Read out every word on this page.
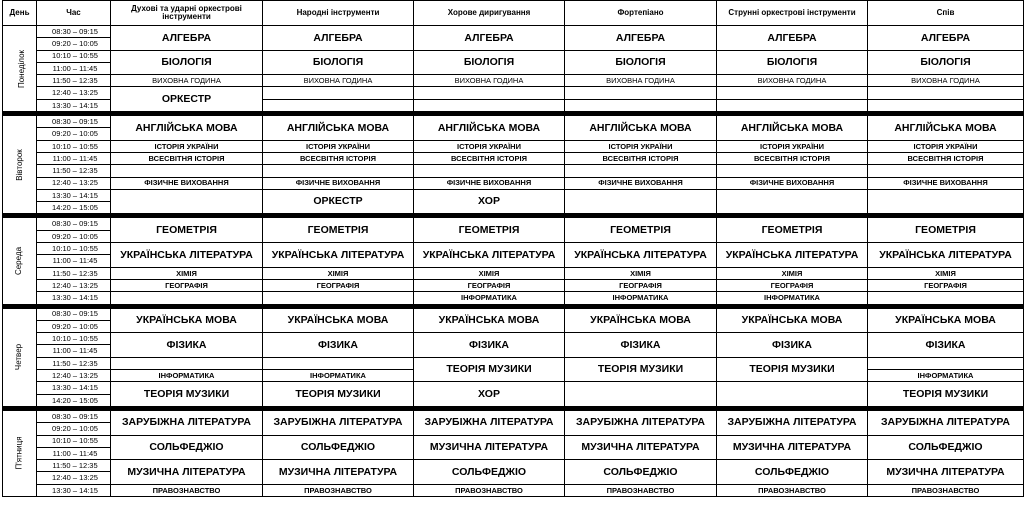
День	Час	Духові та ударні оркестрові інструменти	Народні інструменти	Хорове диригування	Фортепіано	Струнні оркестрові інструменти	Спів
Понеділок	08:30 – 09:15	АЛГЕБРА	АЛГЕБРА	АЛГЕБРА	АЛГЕБРА	АЛГЕБРА	АЛГЕБРА
	09:20 – 10:05						
	10:10 – 10:55	БІОЛОГІЯ	БІОЛОГІЯ	БІОЛОГІЯ	БІОЛОГІЯ	БІОЛОГІЯ	БІОЛОГІЯ
	11:00 – 11:45						
	11:50 – 12:35	ВИХОВНА ГОДИНА	ВИХОВНА ГОДИНА	ВИХОВНА ГОДИНА	ВИХОВНА ГОДИНА	ВИХОВНА ГОДИНА	ВИХОВНА ГОДИНА
	12:40 – 13:25	ОРКЕСТР					
	13:30 – 14:15						

Вівторок	08:30 – 09:15	АНГЛІЙСЬКА МОВА	АНГЛІЙСЬКА МОВА	АНГЛІЙСЬКА МОВА	АНГЛІЙСЬКА МОВА	АНГЛІЙСЬКА МОВА	АНГЛІЙСЬКА МОВА
	09:20 – 10:05						
	10:10 – 10:55	ІСТОРІЯ УКРАЇНИ	ІСТОРІЯ УКРАЇНИ	ІСТОРІЯ УКРАЇНИ	ІСТОРІЯ УКРАЇНИ	ІСТОРІЯ УКРАЇНИ	ІСТОРІЯ УКРАЇНИ
	11:00 – 11:45	ВСЕСВІТНЯ ІСТОРІЯ	ВСЕСВІТНЯ ІСТОРІЯ	ВСЕСВІТНЯ ІСТОРІЯ	ВСЕСВІТНЯ ІСТОРІЯ	ВСЕСВІТНЯ ІСТОРІЯ	ВСЕСВІТНЯ ІСТОРІЯ
	11:50 – 12:35						
	12:40 – 13:25	ФІЗИЧНЕ ВИХОВАННЯ	ФІЗИЧНЕ ВИХОВАННЯ	ФІЗИЧНЕ ВИХОВАННЯ	ФІЗИЧНЕ ВИХОВАННЯ	ФІЗИЧНЕ ВИХОВАННЯ	ФІЗИЧНЕ ВИХОВАННЯ
	13:30 – 14:15		ОРКЕСТР	ХОР			
	14:20 – 15:05						

Середа	08:30 – 09:15	ГЕОМЕТРІЯ	ГЕОМЕТРІЯ	ГЕОМЕТРІЯ	ГЕОМЕТРІЯ	ГЕОМЕТРІЯ	ГЕОМЕТРІЯ
	09:20 – 10:05						
	10:10 – 10:55	УКРАЇНСЬКА ЛІТЕРАТУРА	УКРАЇНСЬКА ЛІТЕРАТУРА	УКРАЇНСЬКА ЛІТЕРАТУРА	УКРАЇНСЬКА ЛІТЕРАТУРА	УКРАЇНСЬКА ЛІТЕРАТУРА	УКРАЇНСЬКА ЛІТЕРАТУРА
	11:00 – 11:45						
	11:50 – 12:35	ХІМІЯ	ХІМІЯ	ХІМІЯ	ХІМІЯ	ХІМІЯ	ХІМІЯ
	12:40 – 13:25	ГЕОГРАФІЯ	ГЕОГРАФІЯ	ГЕОГРАФІЯ	ГЕОГРАФІЯ	ГЕОГРАФІЯ	ГЕОГРАФІЯ
	13:30 – 14:15			ІНФОРМАТИКА	ІНФОРМАТИКА	ІНФОРМАТИКА	

Четвер	08:30 – 09:15	УКРАЇНСЬКА МОВА	УКРАЇНСЬКА МОВА	УКРАЇНСЬКА МОВА	УКРАЇНСЬКА МОВА	УКРАЇНСЬКА МОВА	УКРАЇНСЬКА МОВА
	09:20 – 10:05						
	10:10 – 10:55	ФІЗИКА	ФІЗИКА	ФІЗИКА	ФІЗИКА	ФІЗИКА	ФІЗИКА
	11:00 – 11:45						
	11:50 – 12:35			ТЕОРІЯ МУЗИКИ	ТЕОРІЯ МУЗИКИ	ТЕОРІЯ МУЗИКИ	
	12:40 – 13:25	ІНФОРМАТИКА	ІНФОРМАТИКА				ІНФОРМАТИКА
	13:30 – 14:15	ТЕОРІЯ МУЗИКИ	ТЕОРІЯ МУЗИКИ	ХОР			ТЕОРІЯ МУЗИКИ
	14:20 – 15:05						

П'ятниця	08:30 – 09:15	ЗАРУБІЖНА ЛІТЕРАТУРА	ЗАРУБІЖНА ЛІТЕРАТУРА	ЗАРУБІЖНА ЛІТЕРАТУРА	ЗАРУБІЖНА ЛІТЕРАТУРА	ЗАРУБІЖНА ЛІТЕРАТУРА	ЗАРУБІЖНА ЛІТЕРАТУРА
	09:20 – 10:05						
	10:10 – 10:55	СОЛЬФЕДЖІО	СОЛЬФЕДЖІО	МУЗИЧНА ЛІТЕРАТУРА	МУЗИЧНА ЛІТЕРАТУРА	МУЗИЧНА ЛІТЕРАТУРА	СОЛЬФЕДЖІО
	11:00 – 11:45						
	11:50 – 12:35	МУЗИЧНА ЛІТЕРАТУРА	МУЗИЧНА ЛІТЕРАТУРА	СОЛЬФЕДЖІО	СОЛЬФЕДЖІО	СОЛЬФЕДЖІО	МУЗИЧНА ЛІТЕРАТУРА
	12:40 – 13:25						
	13:30 – 14:15	ПРАВОЗНАВСТВО	ПРАВОЗНАВСТВО	ПРАВОЗНАВСТВО	ПРАВОЗНАВСТВО	ПРАВОЗНАВСТВО	ПРАВОЗНАВСТВО
